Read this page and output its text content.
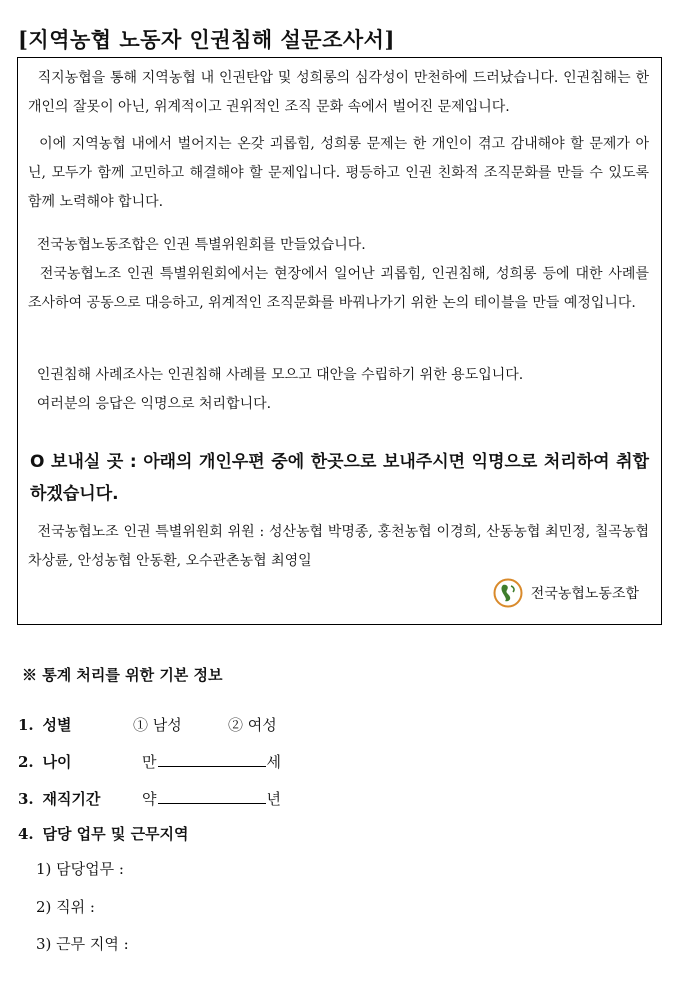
[지역농협 노동자 인권침해 설문조사서]

직지농협을 통해 지역농협 내 인권탄압 및 성희롱의 심각성이 만천하에 드러났습니다. 인권침해는 한 개인의 잘못이 아닌, 위계적이고 권위적인 조직 문화 속에서 벌어진 문제입니다.

이에 지역농협 내에서 벌어지는 온갖 괴롭힘, 성희롱 문제는 한 개인이 겪고 감내해야 할 문제가 아닌, 모두가 함께 고민하고 해결해야 할 문제입니다. 평등하고 인권 친화적 조직문화를 만들 수 있도록 함께 노력해야 합니다.

전국농협노동조합은 인권 특별위원회를 만들었습니다.

전국농협노조 인권 특별위원회에서는 현장에서 일어난 괴롭힘, 인권침해, 성희롱 등에 대한 사례를 조사하여 공동으로 대응하고, 위계적인 조직문화를 바꿔나가기 위한 논의 테이블을 만들 예정입니다.

인권침해 사례조사는 인권침해 사례를 모으고 대안을 수립하기 위한 용도입니다.

여러분의 응답은 익명으로 처리합니다.

O 보내실 곳 : 아래의 개인우편 중에 한곳으로 보내주시면 익명으로 처리하여 취합하겠습니다.

전국농협노조 인권 특별위원회 위원 : 성산농협 박명종, 홍천농협 이경희, 산동농협 최민정, 칠곡농협 차상륜, 안성농협 안동환, 오수관촌농협 최영일

전국농협노동조합
※ 통계 처리를 위한 기본 정보
1. 성별	① 남성	② 여성
2. 나이	만	세
3. 재직기간	약	년
4. 담당 업무 및 근무지역
1) 담당업무 :
2) 직위 :
3) 근무 지역 :
